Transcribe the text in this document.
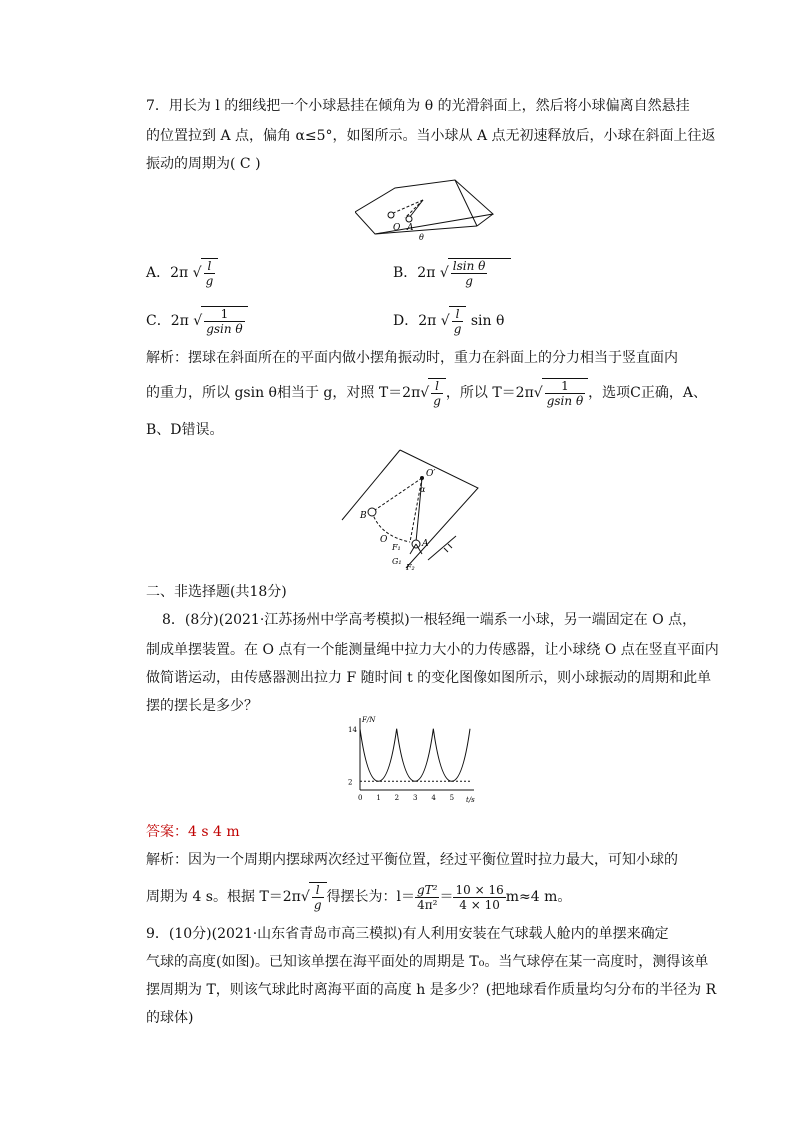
7．用长为 l 的细线把一个小球悬挂在倾角为 θ 的光滑斜面上，然后将小球偏离自然悬挂
的位置拉到 A 点，偏角 α≤5°，如图所示。当小球从 A 点无初速释放后，小球在斜面上往返
振动的周期为( C )
O A
θ
A．2π √ $\frac{l}{g}$	B．2π √ $\frac{\text{lsin θ}}{g}$
C．2π √ $\frac{1}{\text{gsin θ}}$	D．2π √ $\frac{l}{g}$ sin θ
解析：摆球在斜面所在的平面内做小摆角振动时，重力在斜面上的分力相当于竖直面内
的重力，所以 gsin θ相当于 g，对照 T＝2π √ $\frac{l}{g}$ ，所以 T＝2π √ $\frac{1}{\text{gsin θ}}$ ，选项C正确，A、
B、D错误。
O′
α
B
O	A
F₁
F₂
G₁
二、非选择题(共18分)
8．(8分)(2021·江苏扬州中学高考模拟)一根轻绳一端系一小球，另一端固定在 O 点，
制成单摆装置。在 O 点有一个能测量绳中拉力大小的力传感器，让小球绕 O 点在竖直平面内
做简谐运动，由传感器测出拉力 F 随时间 t 的变化图像如图所示，则小球振动的周期和此单
摆的摆长是多少？
F/N
t/s
0 1 2 3 4 5
2
14
答案：4 s 4 m
解析：因为一个周期内摆球两次经过平衡位置，经过平衡位置时拉力最大，可知小球的
周期为 4 s。根据 T＝2π √ $\frac{l}{g}$ 得摆长为：$l= \frac{\text{gT²}}{\text{4π²}} = \frac{10 \times 16}{4 \times 10} m\approx 4$ m。
9．(10分)(2021·山东省青岛市高三模拟)有人利用安装在气球载人舱内的单摆来确定
气球的高度(如图)。已知该单摆在海平面处的周期是 T₀。当气球停在某一高度时，测得该单
摆周期为 T，则该气球此时离海平面的高度 h 是多少？(把地球看作质量均匀分布的半径为 R
的球体)
